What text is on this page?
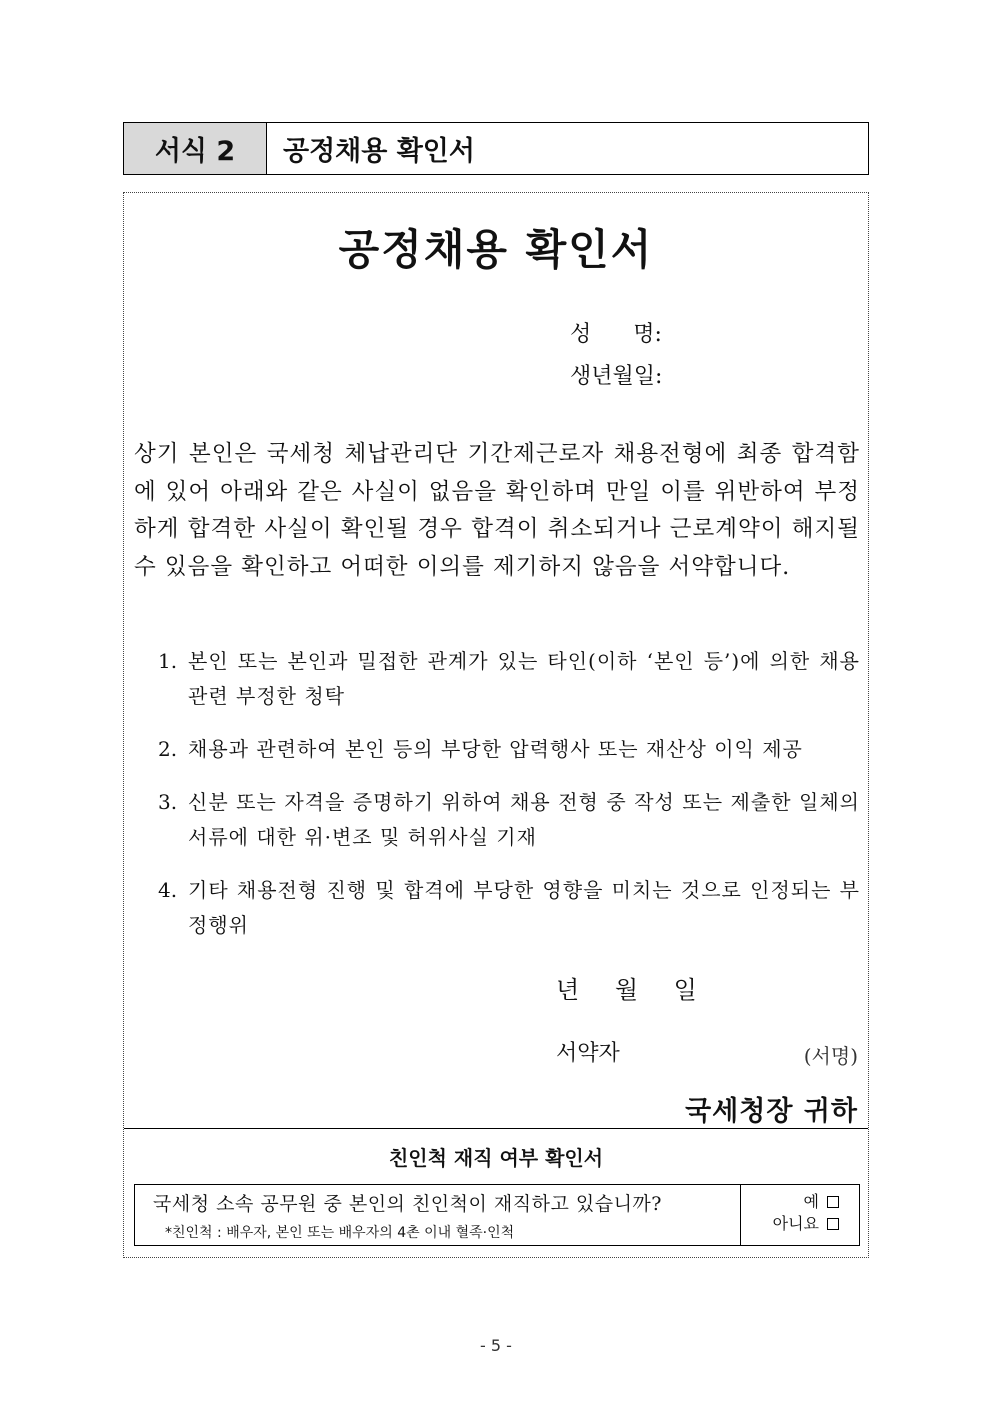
서식 2	공정채용 확인서
공정채용 확인서
성      명:
생년월일:
상기 본인은 국세청 체납관리단 기간제근로자 채용전형에 최종 합격함에 있어 아래와 같은 사실이 없음을 확인하며 만일 이를 위반하여 부정하게 합격한 사실이 확인될 경우 합격이 취소되거나 근로계약이 해지될 수 있음을 확인하고 어떠한 이의를 제기하지 않음을 서약합니다.
1. 본인 또는 본인과 밀접한 관계가 있는 타인(이하 ‘본인 등’)에 의한 채용관련 부정한 청탁
2. 채용과 관련하여 본인 등의 부당한 압력행사 또는 재산상 이익 제공
3. 신분 또는 자격을 증명하기 위하여 채용 전형 중 작성 또는 제출한 일체의 서류에 대한 위·변조 및 허위사실 기재
4. 기타 채용전형 진행 및 합격에 부당한 영향을 미치는 것으로 인정되는 부정행위
년 월 일
서약자	(서명)
국세청장 귀하
친인척 재직 여부 확인서
국세청 소속 공무원 중 본인의 친인척이 재직하고 있습니까?
*친인척 : 배우자, 본인 또는 배우자의 4촌 이내 혈족·인척
예
아니요
- 5 -
